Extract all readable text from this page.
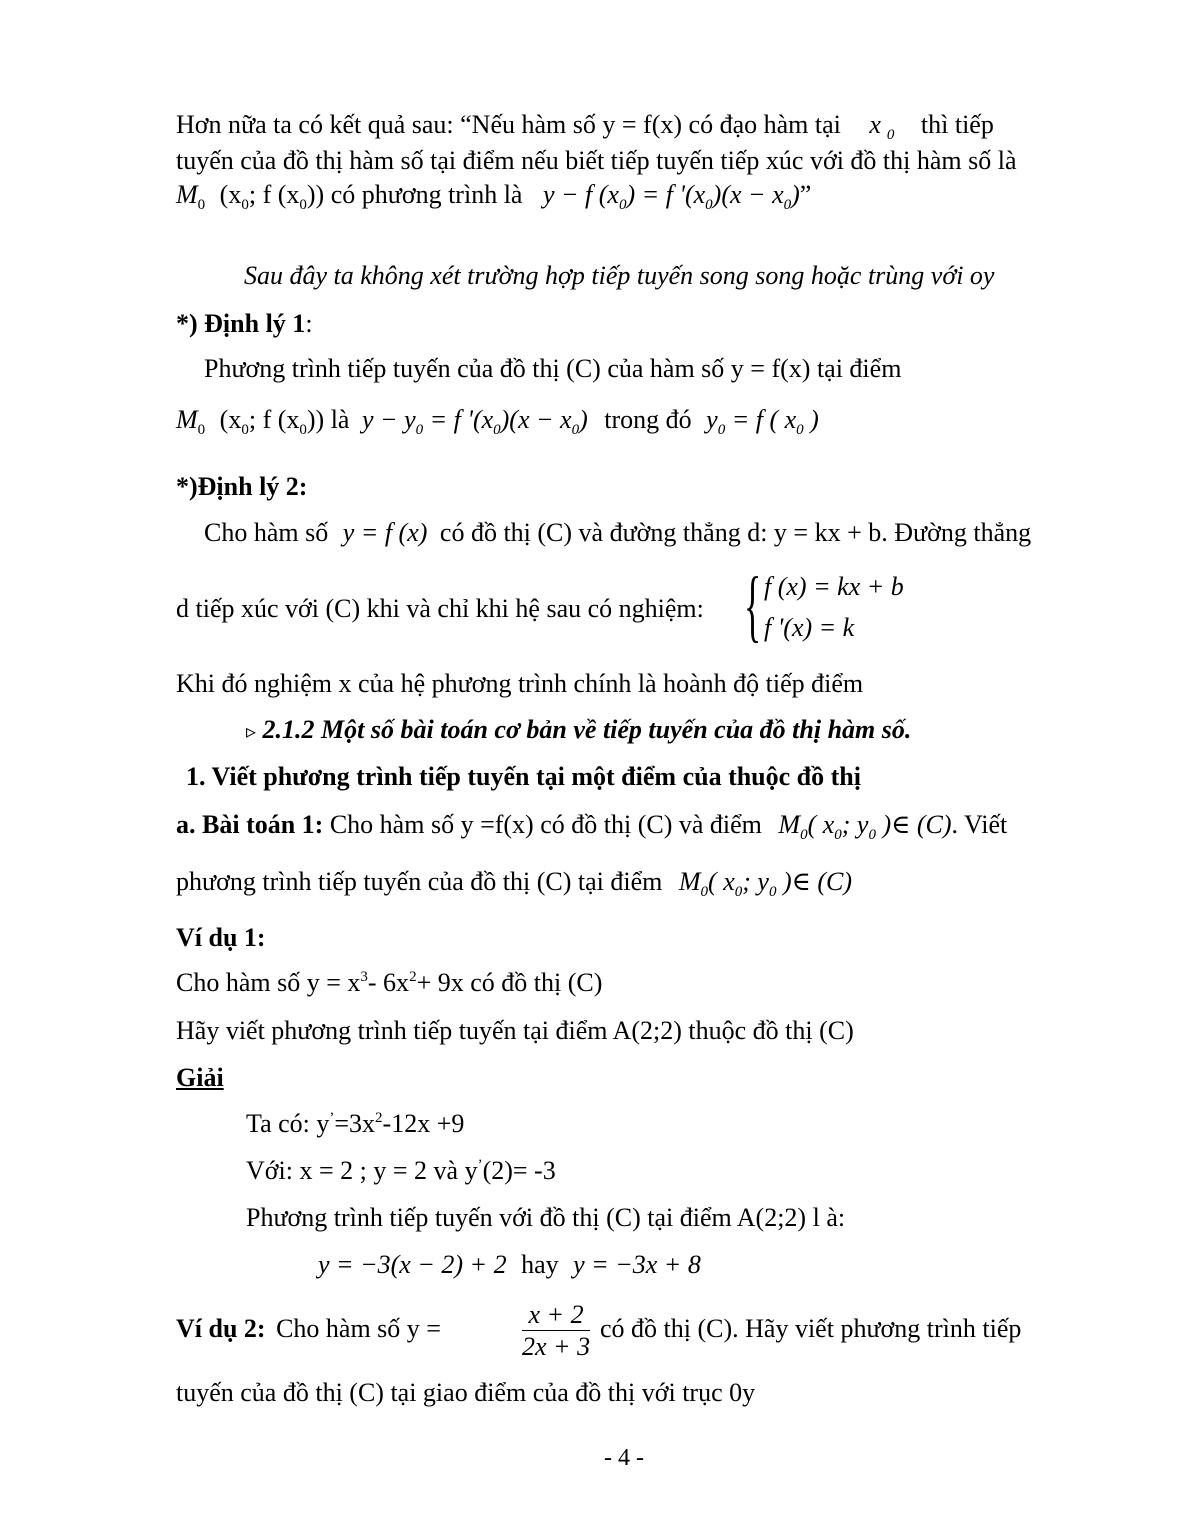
Hơn nữa ta có kết quả sau: “Nếu hàm số y = f(x) có đạo hàm tại x $_0$ thì tiếp
tuyến của đồ thị hàm số tại điểm nếu biết tiếp tuyến tiếp xúc với đồ thị hàm số là
$M_0$ ($x_0$; f $(x_0)$) có phương trình là y − f $(x_0) = f$ '$(x_0)(x - x_0)$”
Sau đây ta không xét trường hợp tiếp tuyến song song hoặc trùng với oy
*) Định lý 1:
Phương trình tiếp tuyến của đồ thị (C) của hàm số y = f(x) tại điểm
$M_0$ ($x_0$; f $(x_0)$) là $y - y_0 = f$ '$(x_0)(x - x_0)$ trong đó $y_0 = f$ ( $x_0$ )
*)Định lý 2:
Cho hàm số y = f (x) có đồ thị (C) và đường thẳng d: y = kx + b. Đường thẳng
d tiếp xúc với (C) khi và chỉ khi hệ sau có nghiệm: { f (x) = kx + b
f '(x) = k
Khi đó nghiệm x của hệ phương trình chính là hoành độ tiếp điểm
▹ 2.1.2 Một số bài toán cơ bản về tiếp tuyến của đồ thị hàm số.
1. Viết phương trình tiếp tuyến tại một điểm của thuộc đồ thị
a. Bài toán 1: Cho hàm số y =f(x) có đồ thị (C) và điểm $M_0$( $x_0$; $y_0$ )∈ (C). Viết
phương trình tiếp tuyến của đồ thị (C) tại điểm $M_0$( $x_0$; $y_0$ )∈ (C)
Ví dụ 1:
Cho hàm số $y = x^3-$ $6x^2+ 9x$ có đồ thị (C)
Hãy viết phương trình tiếp tuyến tại điểm A(2;2) thuộc đồ thị (C)
Giải
Ta có: $y^’=3x^2-12x +9$
Với: x = 2 ; y = 2 và y’(2)= -3
Phương trình tiếp tuyến với đồ thị (C) tại điểm A(2;2) l à:
y = −3(x − 2) + 2 hay y = −3x + 8
Ví dụ 2: Cho hàm số y =	$\frac{x + 2}{2x + 3}$ có đồ thị (C). Hãy viết phương trình tiếp
tuyến của đồ thị (C) tại giao điểm của đồ thị với trục 0y
- 4 -
